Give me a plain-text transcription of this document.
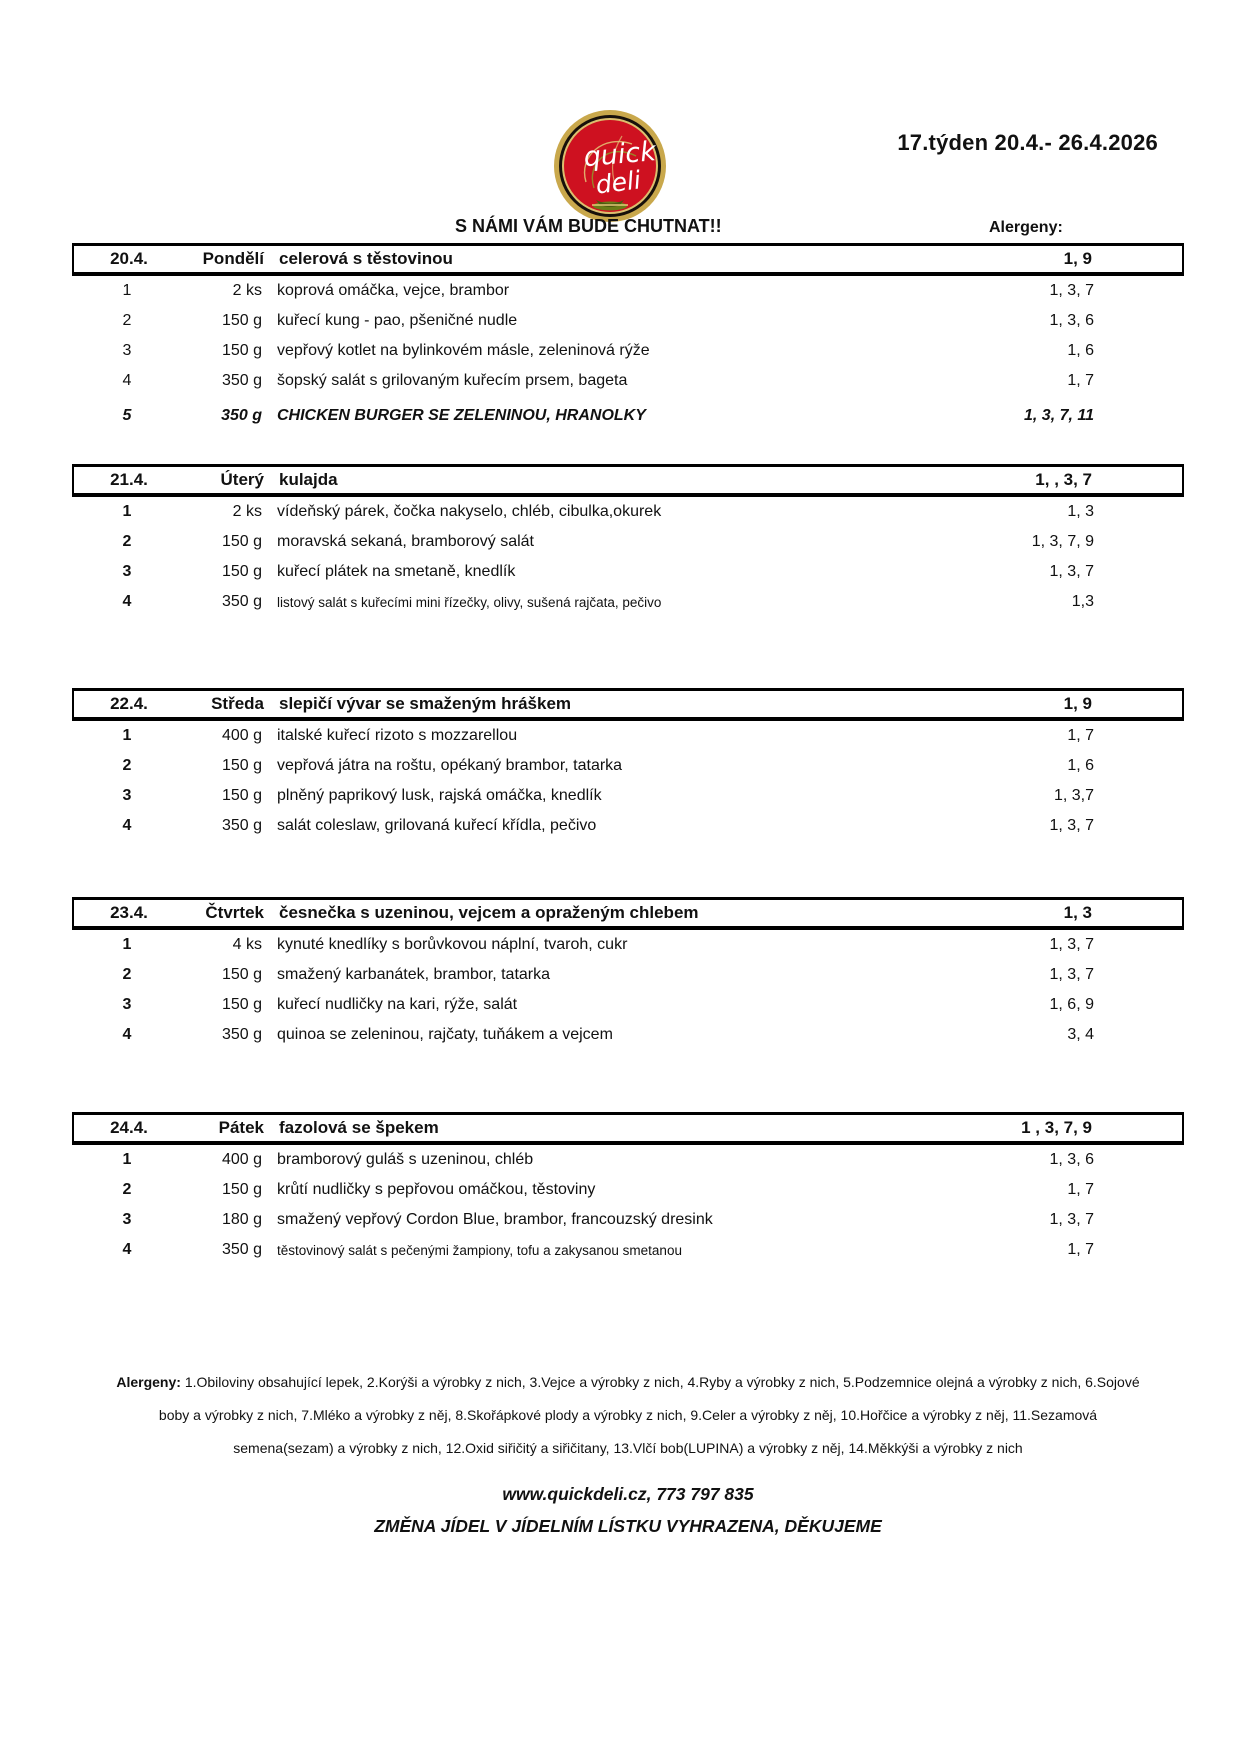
quick
deli
17.týden 20.4.- 26.4.2026
S NÁMI VÁM BUDE CHUTNAT!!	Alergeny:
20.4.	Pondělí celerová s těstovinou	1, 9
1	2 ks koprová omáčka, vejce, brambor	1, 3, 7
2	150 g kuřecí kung - pao, pšeničné nudle	1, 3, 6
3	150 g vepřový kotlet na bylinkovém másle, zeleninová rýže	1, 6
4	350 g šopský salát s grilovaným kuřecím prsem, bageta	1, 7
5	350 g CHICKEN BURGER SE ZELENINOU, HRANOLKY	1, 3, 7, 11
21.4.	Úterý kulajda	1, , 3, 7
1	2 ks vídeňský párek, čočka nakyselo, chléb, cibulka,okurek	1, 3
2	150 g moravská sekaná, bramborový salát	1, 3, 7, 9
3	150 g kuřecí plátek na smetaně, knedlík	1, 3, 7
4	350 g	listový salát s kuřecími mini řízečky, olivy, sušená rajčata, pečivo	1,3
22.4.	Středa slepičí vývar se smaženým hráškem	1, 9
1	400 g italské kuřecí rizoto s mozzarellou	1, 7
2	150 g vepřová játra na roštu, opékaný brambor, tatarka	1, 6
3	150 g plněný paprikový lusk, rajská omáčka, knedlík	1, 3,7
4	350 g salát coleslaw, grilovaná kuřecí křídla, pečivo	1, 3, 7
23.4.	Čtvrtek česnečka s uzeninou, vejcem a opraženým chlebem	1, 3
1	4 ks kynuté knedlíky s borůvkovou náplní, tvaroh, cukr	1, 3, 7
2	150 g smažený karbanátek, brambor, tatarka	1, 3, 7
3	150 g kuřecí nudličky na kari, rýže, salát	1, 6, 9
4	350 g quinoa se zeleninou, rajčaty, tuňákem a vejcem	3, 4
24.4.	Pátek fazolová se špekem	1 , 3, 7, 9
1	400 g bramborový guláš s uzeninou, chléb	1, 3, 6
2	150 g krůtí nudličky s pepřovou omáčkou, těstoviny	1, 7
3	180 g smažený vepřový Cordon Blue, brambor, francouzský dresink	1, 3, 7
4	350 g	těstovinový salát s pečenými žampiony, tofu a zakysanou smetanou	1, 7
Alergeny: 1.Obiloviny obsahující lepek, 2.Korýši a výrobky z nich, 3.Vejce a výrobky z nich, 4.Ryby a výrobky z nich, 5.Podzemnice olejná a výrobky z nich, 6.Sojové
boby a výrobky z nich, 7.Mléko a výrobky z něj, 8.Skořápkové plody a výrobky z nich, 9.Celer a výrobky z něj, 10.Hořčice a výrobky z něj, 11.Sezamová
semena(sezam) a výrobky z nich, 12.Oxid siřičitý a siřičitany, 13.Vlčí bob(LUPINA) a výrobky z něj, 14.Měkkýši a výrobky z nich
www.quickdeli.cz, 773 797 835
ZMĚNA JÍDEL V JÍDELNÍM LÍSTKU VYHRAZENA, DĚKUJEME
